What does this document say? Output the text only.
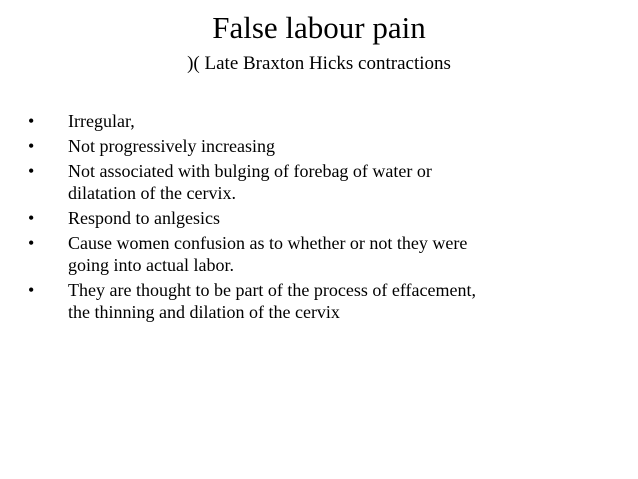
False labour pain
)( Late Braxton Hicks contractions
• Irregular,
• Not progressively increasing
• Not associated with bulging of forebag of water or
dilatation of the cervix.
• Respond to anlgesics
• Cause women confusion as to whether or not they were
going into actual labor.
• They are thought to be part of the process of effacement,
the thinning and dilation of the cervix
